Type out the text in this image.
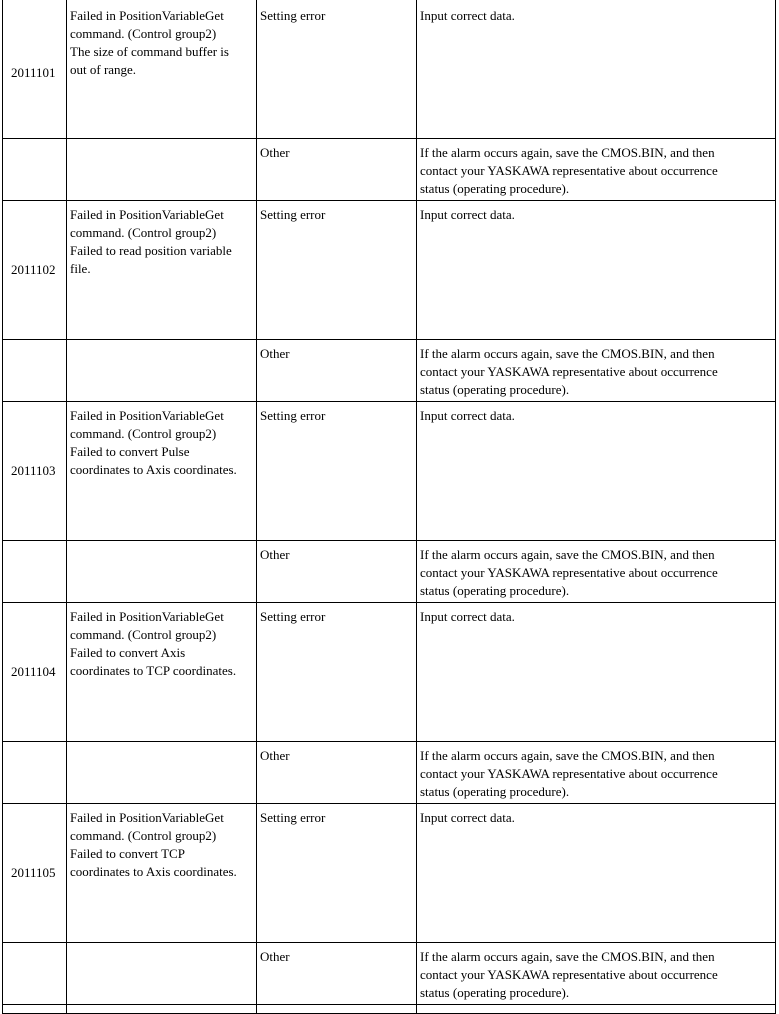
2011101	Failed in PositionVariableGet
command. (Control group2)
The size of command buffer is
out of range.	Setting error	Input correct data.

		Other	If the alarm occurs again, save the CMOS.BIN, and then
contact your YASKAWA representative about occurrence
status (operating procedure).

2011102	Failed in PositionVariableGet
command. (Control group2)
Failed to read position variable
file.	Setting error	Input correct data.

		Other	If the alarm occurs again, save the CMOS.BIN, and then
contact your YASKAWA representative about occurrence
status (operating procedure).

2011103	Failed in PositionVariableGet
command. (Control group2)
Failed to convert Pulse
coordinates to Axis coordinates.	Setting error	Input correct data.

		Other	If the alarm occurs again, save the CMOS.BIN, and then
contact your YASKAWA representative about occurrence
status (operating procedure).

2011104	Failed in PositionVariableGet
command. (Control group2)
Failed to convert Axis
coordinates to TCP coordinates.	Setting error	Input correct data.

		Other	If the alarm occurs again, save the CMOS.BIN, and then
contact your YASKAWA representative about occurrence
status (operating procedure).

2011105	Failed in PositionVariableGet
command. (Control group2)
Failed to convert TCP
coordinates to Axis coordinates.	Setting error	Input correct data.

		Other	If the alarm occurs again, save the CMOS.BIN, and then
contact your YASKAWA representative about occurrence
status (operating procedure).
